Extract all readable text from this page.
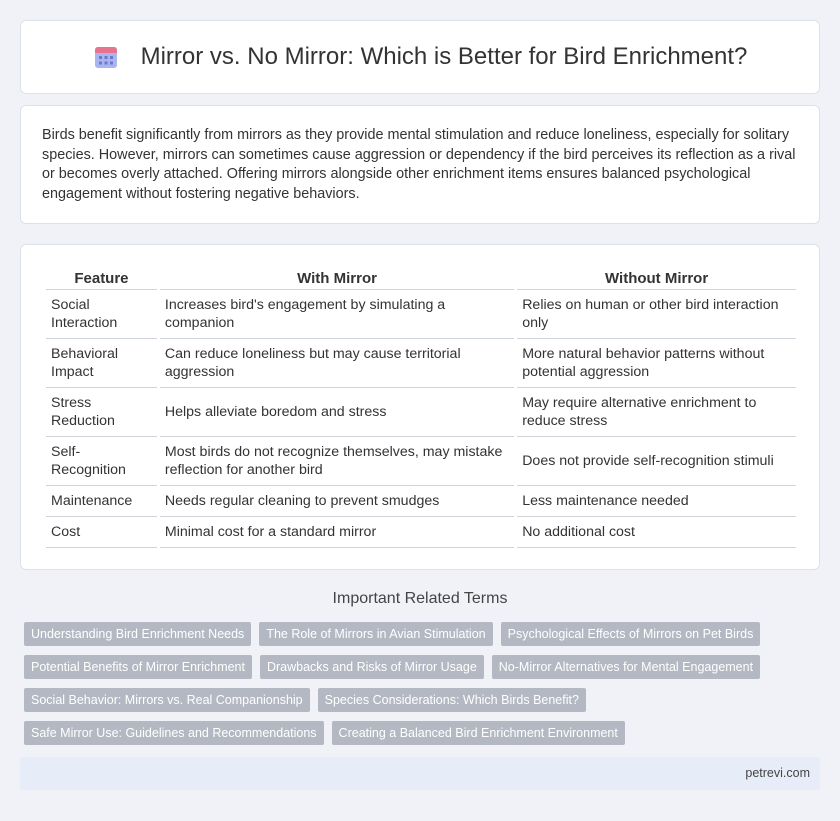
Mirror vs. No Mirror: Which is Better for Bird Enrichment?

Birds benefit significantly from mirrors as they provide mental stimulation and reduce loneliness, especially for solitary species. However, mirrors can sometimes cause aggression or dependency if the bird perceives its reflection as a rival or becomes overly attached. Offering mirrors alongside other enrichment items ensures balanced psychological engagement without fostering negative behaviors.

Feature	With Mirror	Without Mirror
Social Interaction	Increases bird's engagement by simulating a companion	Relies on human or other bird interaction only
Behavioral Impact	Can reduce loneliness but may cause territorial aggression	More natural behavior patterns without potential aggression
Stress Reduction	Helps alleviate boredom and stress	May require alternative enrichment to reduce stress
Self-Recognition	Most birds do not recognize themselves, may mistake reflection for another bird	Does not provide self-recognition stimuli
Maintenance	Needs regular cleaning to prevent smudges	Less maintenance needed
Cost	Minimal cost for a standard mirror	No additional cost
Important Related Terms
Understanding Bird Enrichment Needs	The Role of Mirrors in Avian Stimulation	Psychological Effects of Mirrors on Pet Birds
Potential Benefits of Mirror Enrichment	Drawbacks and Risks of Mirror Usage	No-Mirror Alternatives for Mental Engagement
Social Behavior: Mirrors vs. Real Companionship	Species Considerations: Which Birds Benefit?
Safe Mirror Use: Guidelines and Recommendations	Creating a Balanced Bird Enrichment Environment
petrevi.com
